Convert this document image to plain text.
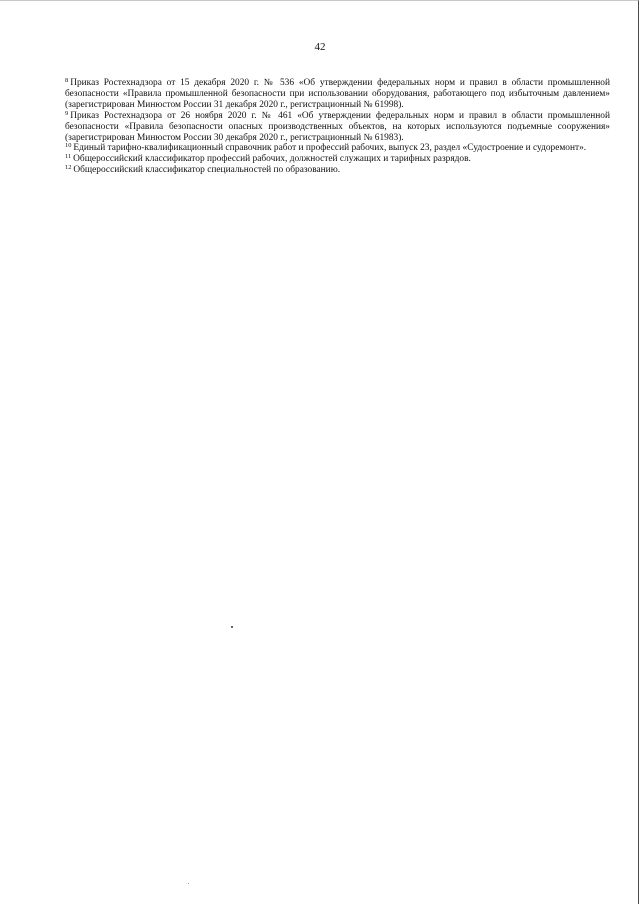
42

$^8$ Приказ Ростехнадзора от 15 декабря 2020 г. № 536 «Об утверждении федеральных норм и правил в области промышленной безопасности «Правила промышленной безопасности при использовании оборудования, работающего под избыточным давлением» (зарегистрирован Минюстом России 31 декабря 2020 г., регистрационный № 61998).

$^9$ Приказ Ростехнадзора от 26 ноября 2020 г. № 461 «Об утверждении федеральных норм и правил в области промышленной безопасности «Правила безопасности опасных производственных объектов, на которых используются подъемные сооружения» (зарегистрирован Минюстом России 30 декабря 2020 г., регистрационный № 61983).

$^{10}$ Единый тарифно-квалификационный справочник работ и профессий рабочих, выпуск 23, раздел «Судостроение и судоремонт».

$^{11}$ Общероссийский классификатор профессий рабочих, должностей служащих и тарифных разрядов.

$^{12}$ Общероссийский классификатор специальностей по образованию.
